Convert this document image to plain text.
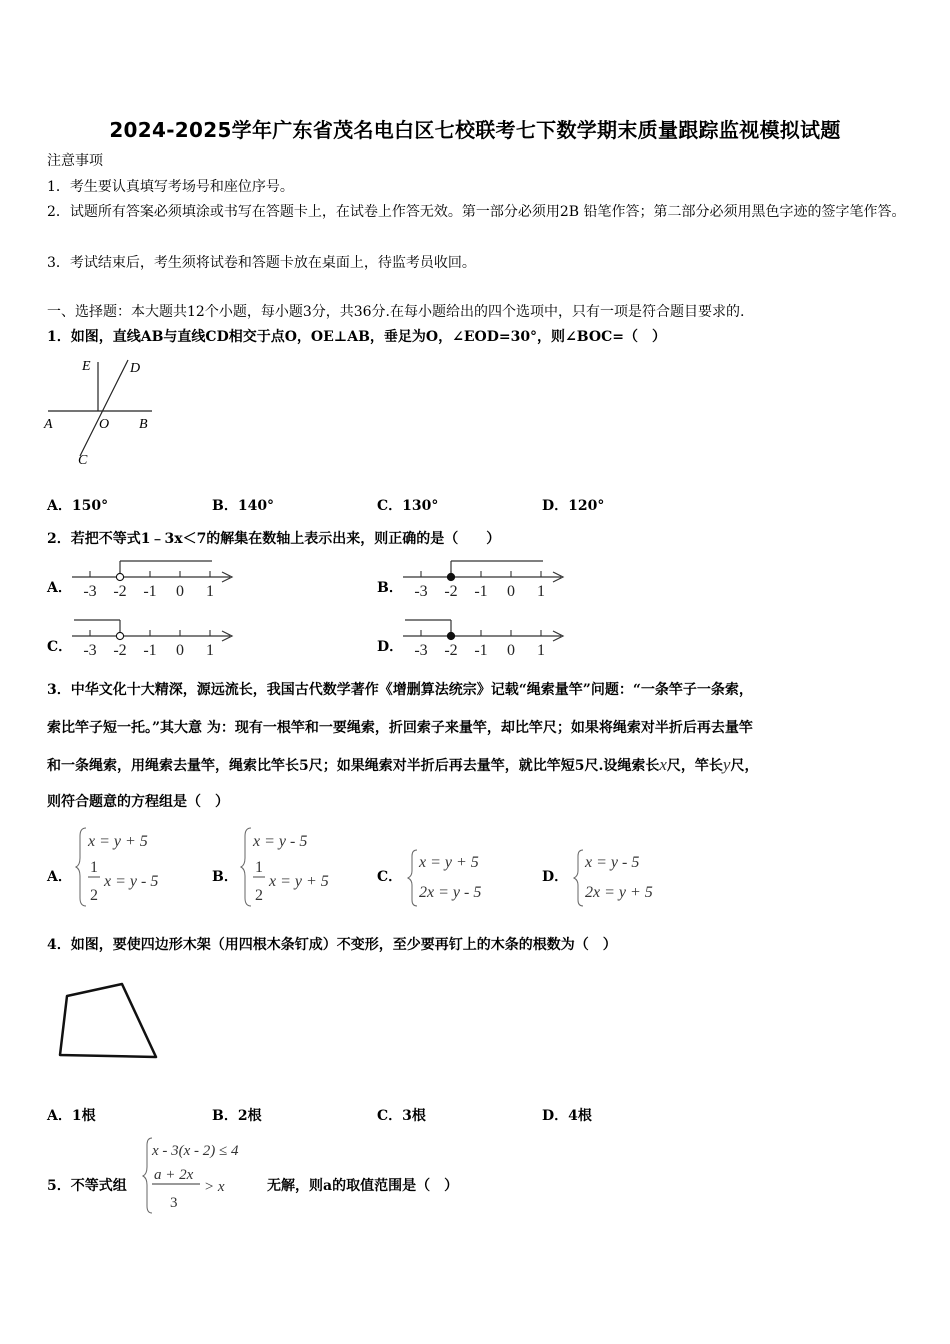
2024-2025学年广东省茂名电白区七校联考七下数学期末质量跟踪监视模拟试题
注意事项
1．考生要认真填写考场号和座位序号。
2．试题所有答案必须填涂或书写在答题卡上，在试卷上作答无效。第一部分必须用2B 铅笔作答；第二部分必须用黑色字迹的签字笔作答。
3．考试结束后，考生须将试卷和答题卡放在桌面上，待监考员收回。
一、选择题：本大题共12个小题，每小题3分，共36分.在每小题给出的四个选项中，只有一项是符合题目要求的.
1．如图，直线AB与直线CD相交于点O，OE⊥AB，垂足为O，∠EOD=30°，则∠BOC=（　）
E	D
A	O B
C
A．150°	B．140°	C．130°	D．120°
2．若把不等式1﹣3x＜7的解集在数轴上表示出来，则正确的是（　　）
A． -3 -2 -1 0 1	B． -3 -2 -1 0 1
C． -3 -2 -1 0 1	D． -3 -2 -1 0 1
3．中华文化十大精深，源远流长，我国古代数学著作《增删算法统宗》记载“绳索量竿”问题：“一条竿子一条索，
索比竿子短一托。”其大意 为：现有一根竿和一要绳索，折回索子来量竿，却比竿尺；如果将绳索对半折后再去量竿
和一条绳索，用绳索去量竿，绳索比竿长5尺；如果绳索对半折后再去量竿，就比竿短5尺.设绳索长x尺，竿长y尺，
则符合题意的方程组是（　）
A．
x = y + 5
1
2
x = y - 5	B．
x = y - 5
1
2
x = y + 5	C．
x = y + 5
2x = y - 5
D．
x = y - 5
2x = y + 5
4．如图，要使四边形木架（用四根木条钉成）不变形，至少要再钉上的木条的根数为（　）
A．1根	B．2根	C．3根	D．4根
5．不等式组
x - 3(x - 2) ≤ 4
a + 2x
3
> x	无解，则a的取值范围是（　）
